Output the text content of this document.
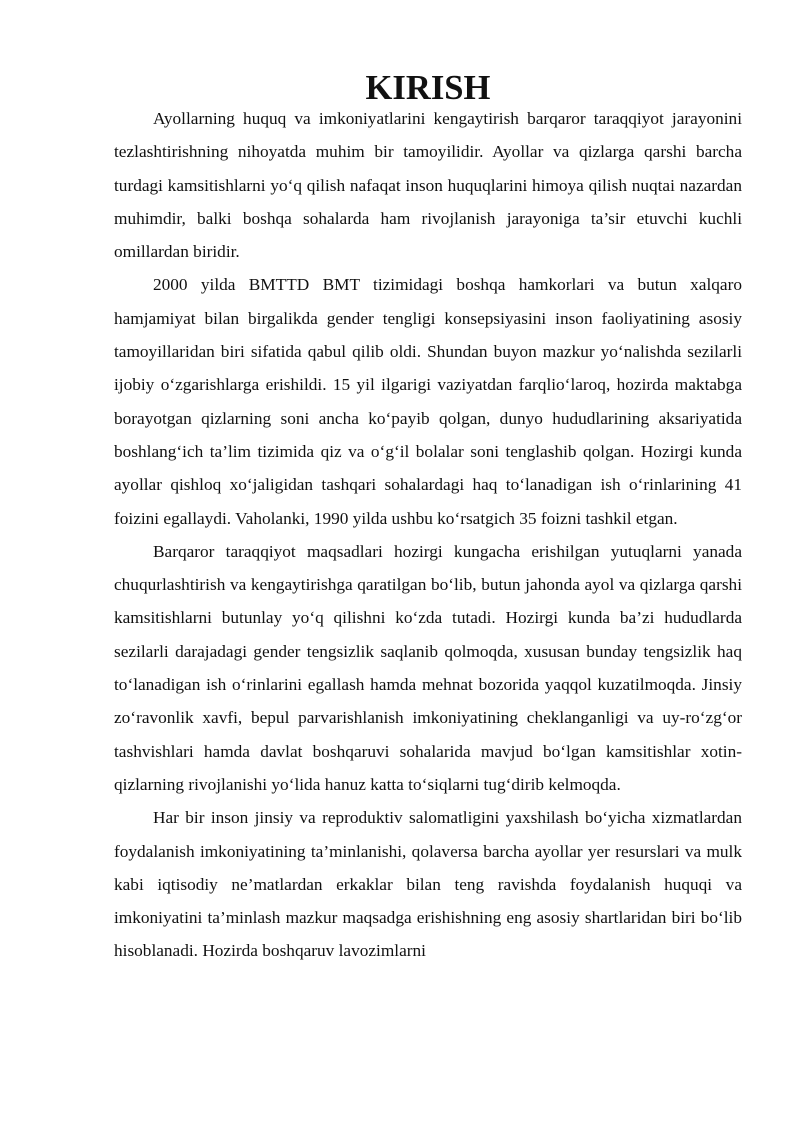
KIRISH

Ayollarning huquq va imkoniyatlarini kengaytirish barqaror taraqqiyot jarayonini tezlashtirishning nihoyatda muhim bir tamoyilidir. Ayollar va qizlarga qarshi barcha turdagi kamsitishlarni yo‘q qilish nafaqat inson huquqlarini himoya qilish nuqtai nazardan muhimdir, balki boshqa sohalarda ham rivojlanish jarayoniga ta’sir etuvchi kuchli omillardan biridir.

2000 yilda BMTTD BMT tizimidagi boshqa hamkorlari va butun xalqaro hamjamiyat bilan birgalikda gender tengligi konsepsiyasini inson faoliyatining asosiy tamoyillaridan biri sifatida qabul qilib oldi. Shundan buyon mazkur yo‘nalishda sezilarli ijobiy o‘zgarishlarga erishildi. 15 yil ilgarigi vaziyatdan farqlio‘laroq, hozirda maktabga borayotgan qizlarning soni ancha ko‘payib qolgan, dunyo hududlarining aksariyatida boshlang‘ich ta’lim tizimida qiz va o‘g‘il bolalar soni tenglashib qolgan. Hozirgi kunda ayollar qishloq xo‘jaligidan tashqari sohalardagi haq to‘lanadigan ish o‘rinlarining 41 foizini egallaydi. Vaholanki, 1990 yilda ushbu ko‘rsatgich 35 foizni tashkil etgan.

Barqaror taraqqiyot maqsadlari hozirgi kungacha erishilgan yutuqlarni yanada chuqurlashtirish va kengaytirishga qaratilgan bo‘lib, butun jahonda ayol va qizlarga qarshi kamsitishlarni butunlay yo‘q qilishni ko‘zda tutadi. Hozirgi kunda ba’zi hududlarda sezilarli darajadagi gender tengsizlik saqlanib qolmoqda, xususan bunday tengsizlik haq to‘lanadigan ish o‘rinlarini egallash hamda mehnat bozorida yaqqol kuzatilmoqda. Jinsiy zo‘ravonlik xavfi, bepul parvarishlanish imkoniyatining cheklanganligi va uy-ro‘zg‘or tashvishlari hamda davlat boshqaruvi sohalarida mavjud bo‘lgan kamsitishlar xotin-qizlarning rivojlanishi yo‘lida hanuz katta to‘siqlarni tug‘dirib kelmoqda.

Har bir inson jinsiy va reproduktiv salomatligini yaxshilash bo‘yicha xizmatlardan foydalanish imkoniyatining ta’minlanishi, qolaversa barcha ayollar yer resurslari va mulk kabi iqtisodiy ne’matlardan erkaklar bilan teng ravishda foydalanish huquqi va imkoniyatini ta’minlash mazkur maqsadga erishishning eng asosiy shartlaridan biri bo‘lib hisoblanadi. Hozirda boshqaruv lavozimlarni
